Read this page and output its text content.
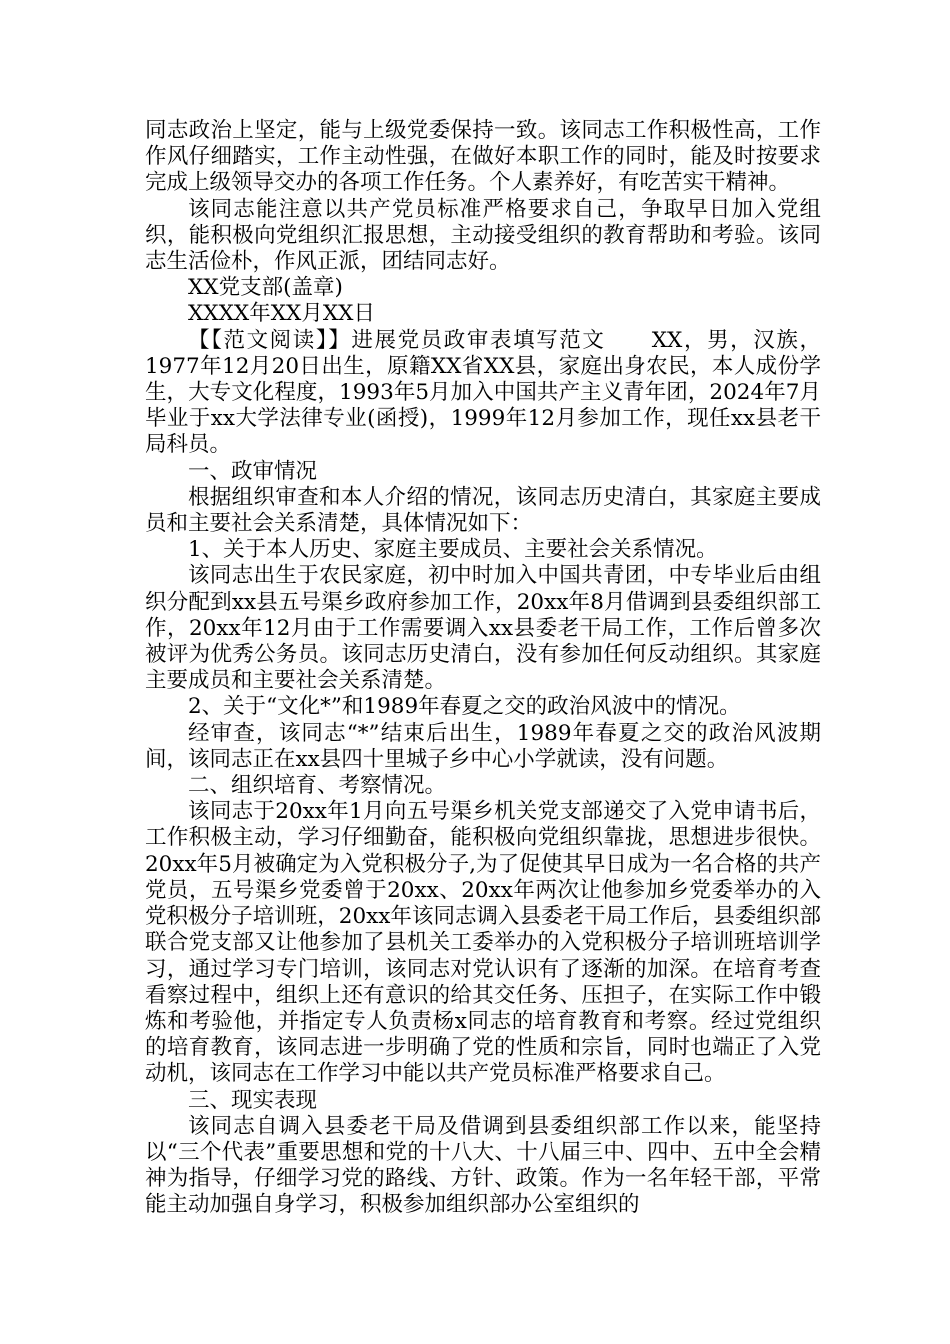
同志政治上坚定，能与上级党委保持一致。该同志工作积极性高，工作作风仔细踏实，工作主动性强，在做好本职工作的同时，能及时按要求完成上级领导交办的各项工作任务。个人素养好，有吃苦实干精神。

该同志能注意以共产党员标准严格要求自己，争取早日加入党组织，能积极向党组织汇报思想，主动接受组织的教育帮助和考验。该同志生活俭朴，作风正派，团结同志好。

XX党支部(盖章)

XXXX年XX月XX日

【【范文阅读】】进展党员政审表填写范文　　XX，男，汉族，1977年12月20日出生，原籍XX省XX县，家庭出身农民，本人成份学生，大专文化程度，1993年5月加入中国共产主义青年团，2024年7月毕业于xx大学法律专业(函授)，1999年12月参加工作，现任xx县老干局科员。

一、政审情况

根据组织审查和本人介绍的情况，该同志历史清白，其家庭主要成员和主要社会关系清楚，具体情况如下：

1、关于本人历史、家庭主要成员、主要社会关系情况。

该同志出生于农民家庭，初中时加入中国共青团，中专毕业后由组织分配到xx县五号渠乡政府参加工作，20xx年8月借调到县委组织部工作，20xx年12月由于工作需要调入xx县委老干局工作，工作后曾多次被评为优秀公务员。该同志历史清白，没有参加任何反动组织。其家庭主要成员和主要社会关系清楚。

2、关于“文化*”和1989年春夏之交的政治风波中的情况。

经审查，该同志“*”结束后出生，1989年春夏之交的政治风波期间，该同志正在xx县四十里城子乡中心小学就读，没有问题。

二、组织培育、考察情况。

该同志于20xx年1月向五号渠乡机关党支部递交了入党申请书后，工作积极主动，学习仔细勤奋，能积极向党组织靠拢，思想进步很快。20xx年5月被确定为入党积极分子,为了促使其早日成为一名合格的共产党员，五号渠乡党委曾于20xx、20xx年两次让他参加乡党委举办的入党积极分子培训班，20xx年该同志调入县委老干局工作后，县委组织部联合党支部又让他参加了县机关工委举办的入党积极分子培训班培训学习，通过学习专门培训，该同志对党认识有了逐渐的加深。在培育考查看察过程中，组织上还有意识的给其交任务、压担子，在实际工作中锻炼和考验他，并指定专人负责杨x同志的培育教育和考察。经过党组织的培育教育，该同志进一步明确了党的性质和宗旨，同时也端正了入党动机，该同志在工作学习中能以共产党员标准严格要求自己。

三、现实表现

该同志自调入县委老干局及借调到县委组织部工作以来，能坚持以“三个代表”重要思想和党的十八大、十八届三中、四中、五中全会精神为指导，仔细学习党的路线、方针、政策。作为一名年轻干部，平常能主动加强自身学习，积极参加组织部办公室组织的
